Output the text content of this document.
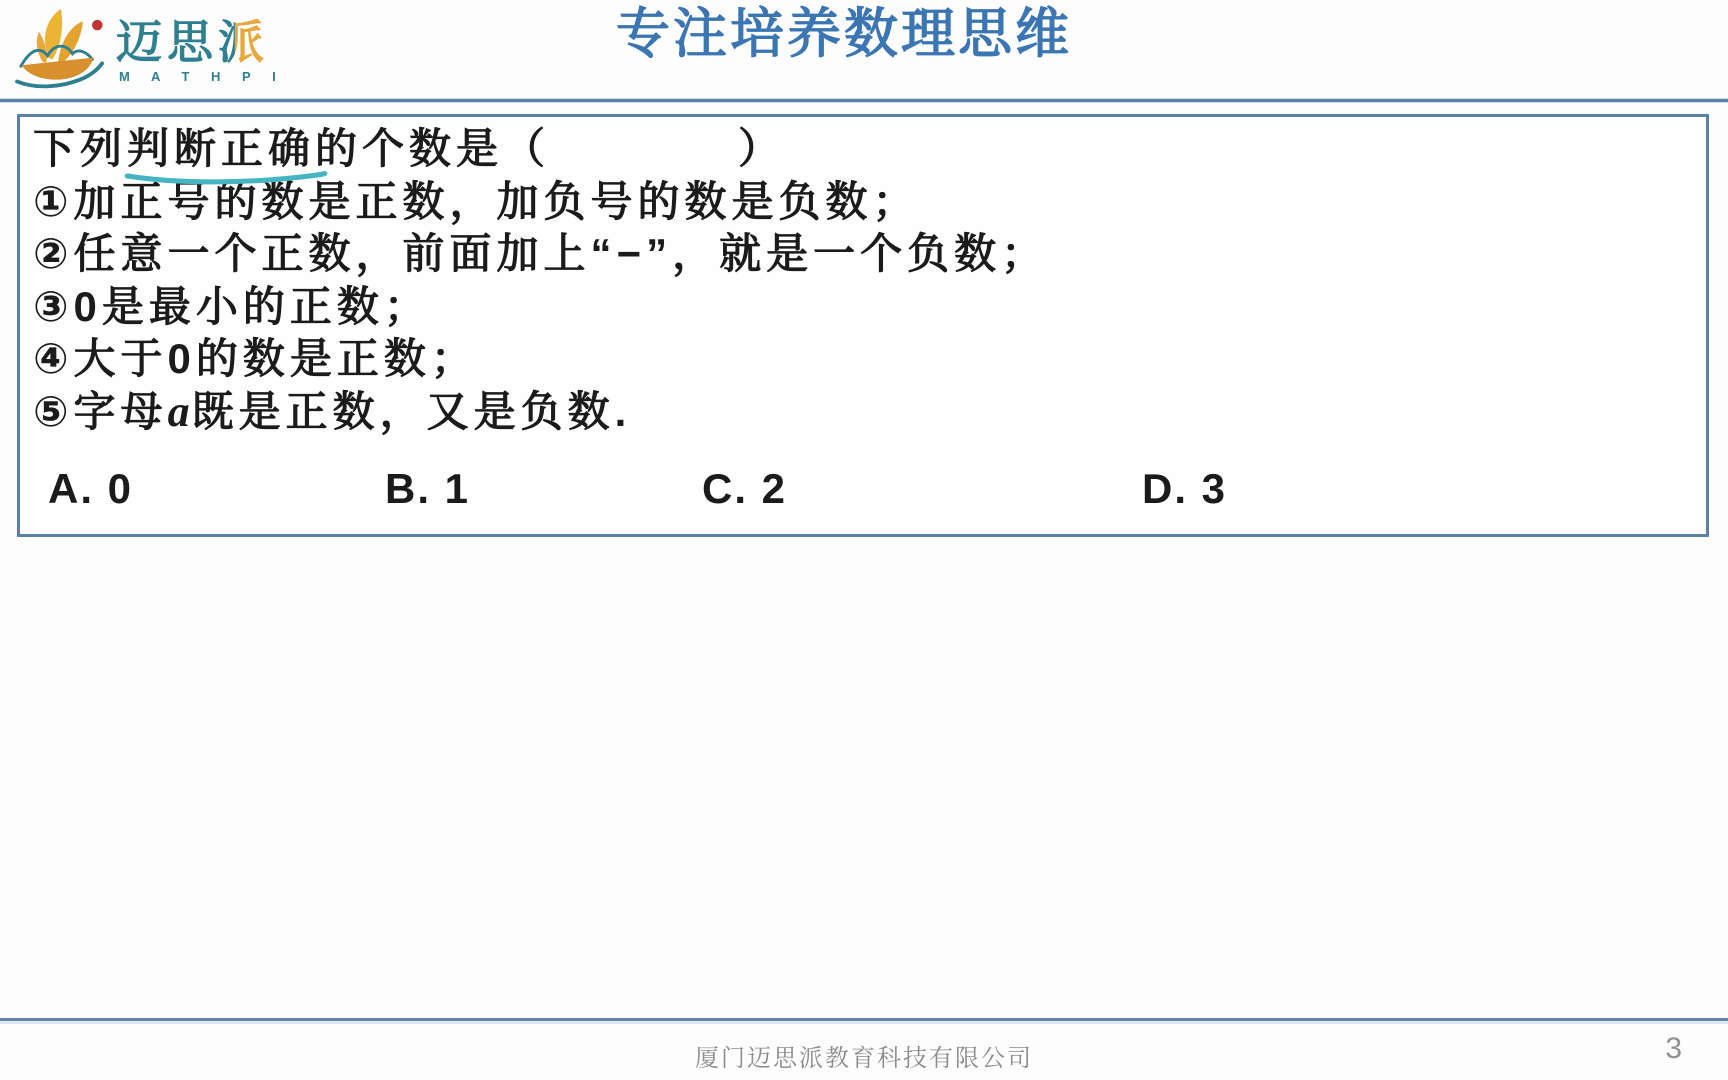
迈思派
M A T H P I
专注培养数理思维
下列判断正确
的个数是（　　　　）
①加正号的数是正数，加负号的数是负数；
②任意一个正数，前面加上“−”，就是一个负数；
③0是最小的正数；
④大于0的数是正数；
⑤字母a既是正数，又是负数.
A. 0	B. 1	C. 2	D. 3
厦门迈思派教育科技有限公司	3
